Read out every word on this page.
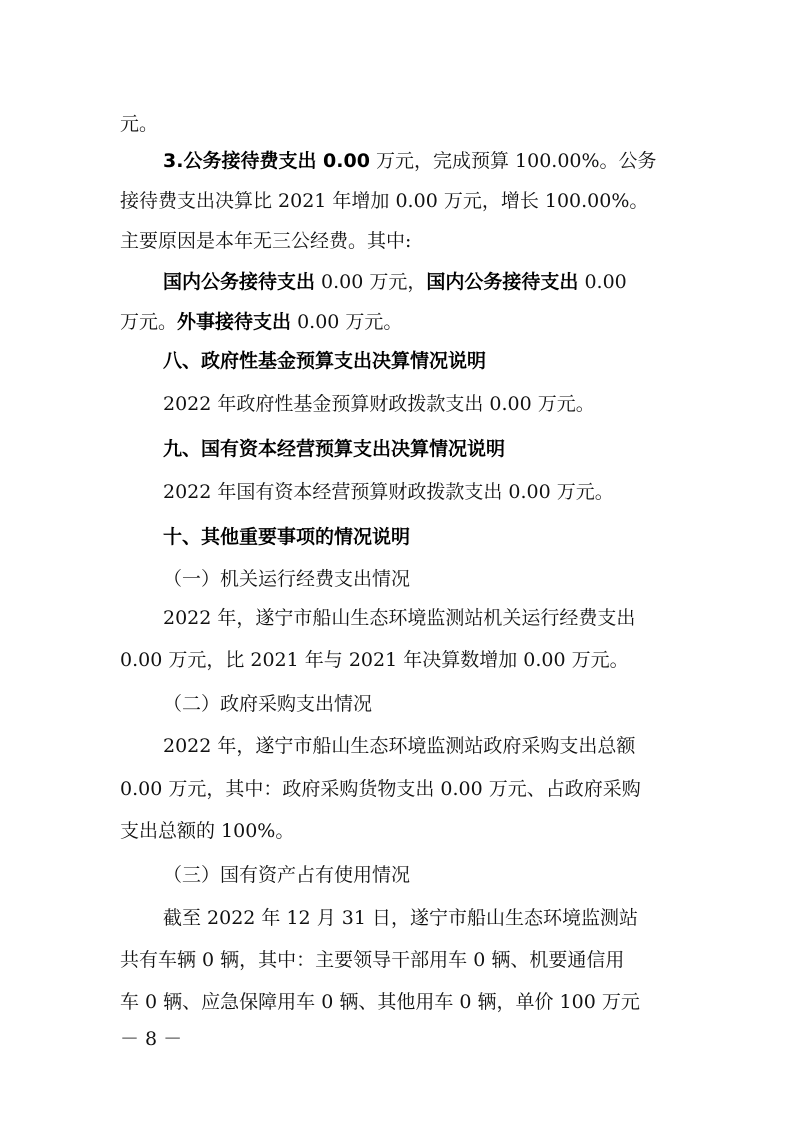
元。
3.公务接待费支出 0.00 万元，完成预算 100.00%。公务
接待费支出决算比 2021 年增加 0.00 万元，增长 100.00%。
主要原因是本年无三公经费。其中:
国内公务接待支出 0.00 万元，国内公务接待支出 0.00
万元。外事接待支出 0.00 万元。
八、政府性基金预算支出决算情况说明
2022 年政府性基金预算财政拨款支出 0.00 万元。
九、国有资本经营预算支出决算情况说明
2022 年国有资本经营预算财政拨款支出 0.00 万元。
十、其他重要事项的情况说明
（一）机关运行经费支出情况
2022 年，遂宁市船山生态环境监测站机关运行经费支出
0.00 万元，比 2021 年与 2021 年决算数增加 0.00 万元。
（二）政府采购支出情况
2022 年，遂宁市船山生态环境监测站政府采购支出总额
0.00 万元，其中：政府采购货物支出 0.00 万元、占政府采购
支出总额的 100%。
（三）国有资产占有使用情况
截至 2022 年 12 月 31 日，遂宁市船山生态环境监测站
共有车辆 0 辆，其中：主要领导干部用车 0 辆、机要通信用
车 0 辆、应急保障用车 0 辆、其他用车 0 辆，单价 100 万元
－ 8 －
